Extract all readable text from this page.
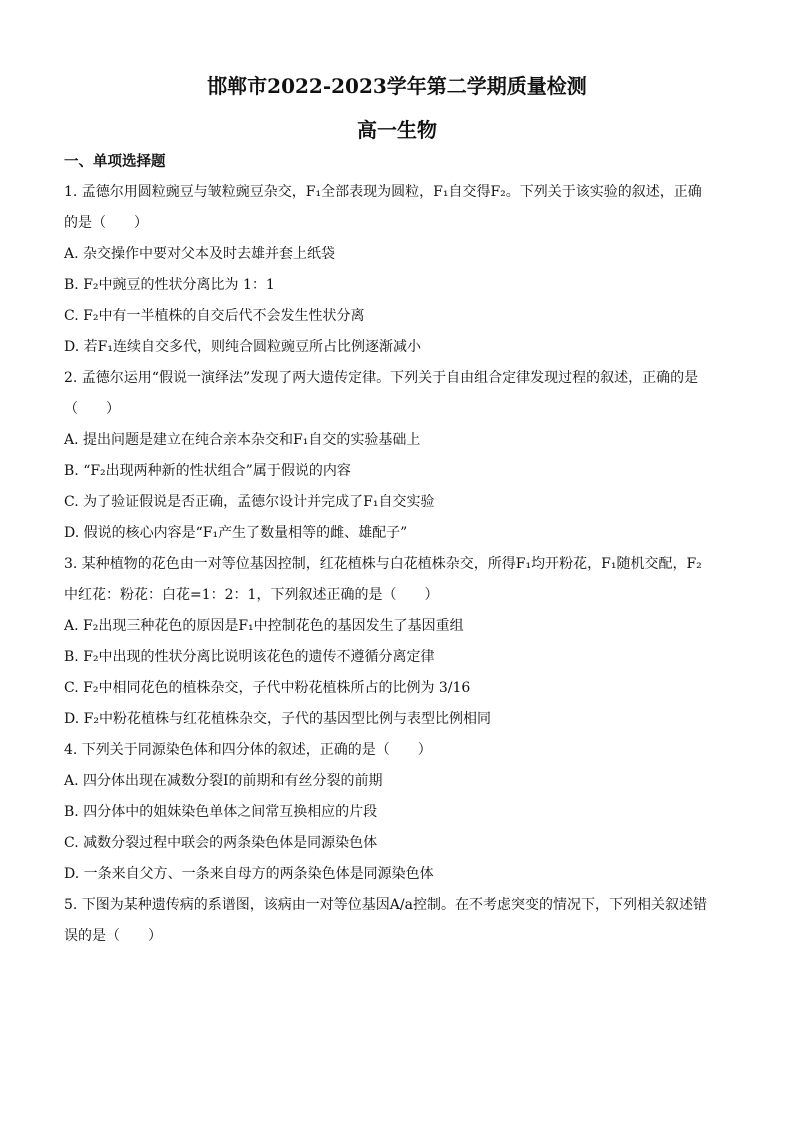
邯郸市2022-2023学年第二学期质量检测
高一生物
一、单项选择题
1. 孟德尔用圆粒豌豆与皱粒豌豆杂交，F₁全部表现为圆粒，F₁自交得F₂。下列关于该实验的叙述，正确
的是（　　）
A. 杂交操作中要对父本及时去雄并套上纸袋
B. F₂中豌豆的性状分离比为 1：1
C. F₂中有一半植株的自交后代不会发生性状分离
D. 若F₁连续自交多代，则纯合圆粒豌豆所占比例逐渐减小
2. 孟德尔运用“假说一演绎法”发现了两大遗传定律。下列关于自由组合定律发现过程的叙述，正确的是
（　　）
A. 提出问题是建立在纯合亲本杂交和F₁自交的实验基础上
B. “F₂出现两种新的性状组合”属于假说的内容
C. 为了验证假说是否正确，孟德尔设计并完成了F₁自交实验
D. 假说的核心内容是“F₁产生了数量相等的雌、雄配子”
3. 某种植物的花色由一对等位基因控制，红花植株与白花植株杂交，所得F₁均开粉花，F₁随机交配，F₂
中红花：粉花：白花=1：2：1，下列叙述正确的是（　　）
A. F₂出现三种花色的原因是F₁中控制花色的基因发生了基因重组
B. F₂中出现的性状分离比说明该花色的遗传不遵循分离定律
C. F₂中相同花色的植株杂交，子代中粉花植株所占的比例为 3/16
D. F₂中粉花植株与红花植株杂交，子代的基因型比例与表型比例相同
4. 下列关于同源染色体和四分体的叙述，正确的是（　　）
A. 四分体出现在减数分裂Ⅰ的前期和有丝分裂的前期
B. 四分体中的姐妹染色单体之间常互换相应的片段
C. 减数分裂过程中联会的两条染色体是同源染色体
D. 一条来自父方、一条来自母方的两条染色体是同源染色体
5. 下图为某种遗传病的系谱图，该病由一对等位基因A/a控制。在不考虑突变的情况下，下列相关叙述错
误的是（　　）
